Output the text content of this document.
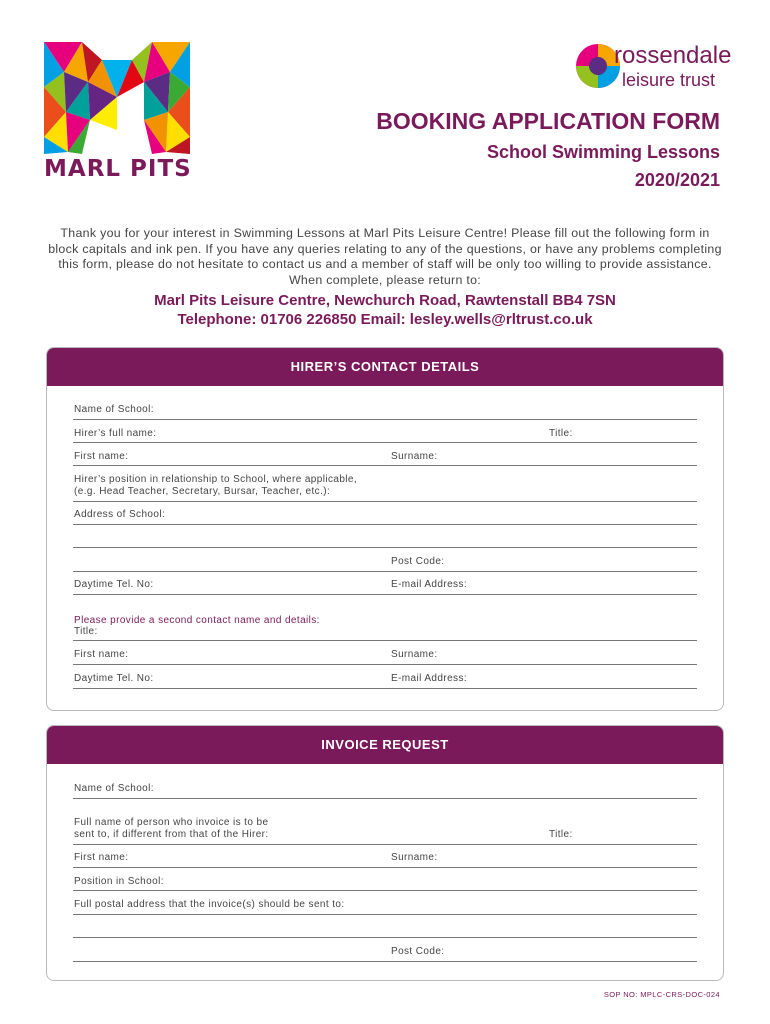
MARL PITS
rossendale
leisure trust
BOOKING APPLICATION FORM
School Swimming Lessons
2020/2021
Thank you for your interest in Swimming Lessons at Marl Pits Leisure Centre! Please fill out the following form in block capitals and ink pen. If you have any queries relating to any of the questions, or have any problems completing this form, please do not hesitate to contact us and a member of staff will be only too willing to provide assistance. When complete, please return to:
Marl Pits Leisure Centre, Newchurch Road, Rawtenstall BB4 7SN
Telephone: 01706 226850 Email: lesley.wells@rltrust.co.uk
HIRER’S CONTACT DETAILS
Name of School:
Hirer’s full name:	Title:
First name:	Surname:
Hirer’s position in relationship to School, where applicable,
(e.g. Head Teacher, Secretary, Bursar, Teacher, etc.):
Address of School:
Post Code:
Daytime Tel. No:	E-mail Address:
Please provide a second contact name and details:
Title:
First name:	Surname:
Daytime Tel. No:	E-mail Address:
INVOICE REQUEST
Name of School:
Full name of person who invoice is to be
sent to, if different from that of the Hirer:	Title:
First name:	Surname:
Position in School:
Full postal address that the invoice(s) should be sent to:
Post Code:
SOP NO: MPLC-CRS-DOC-024
